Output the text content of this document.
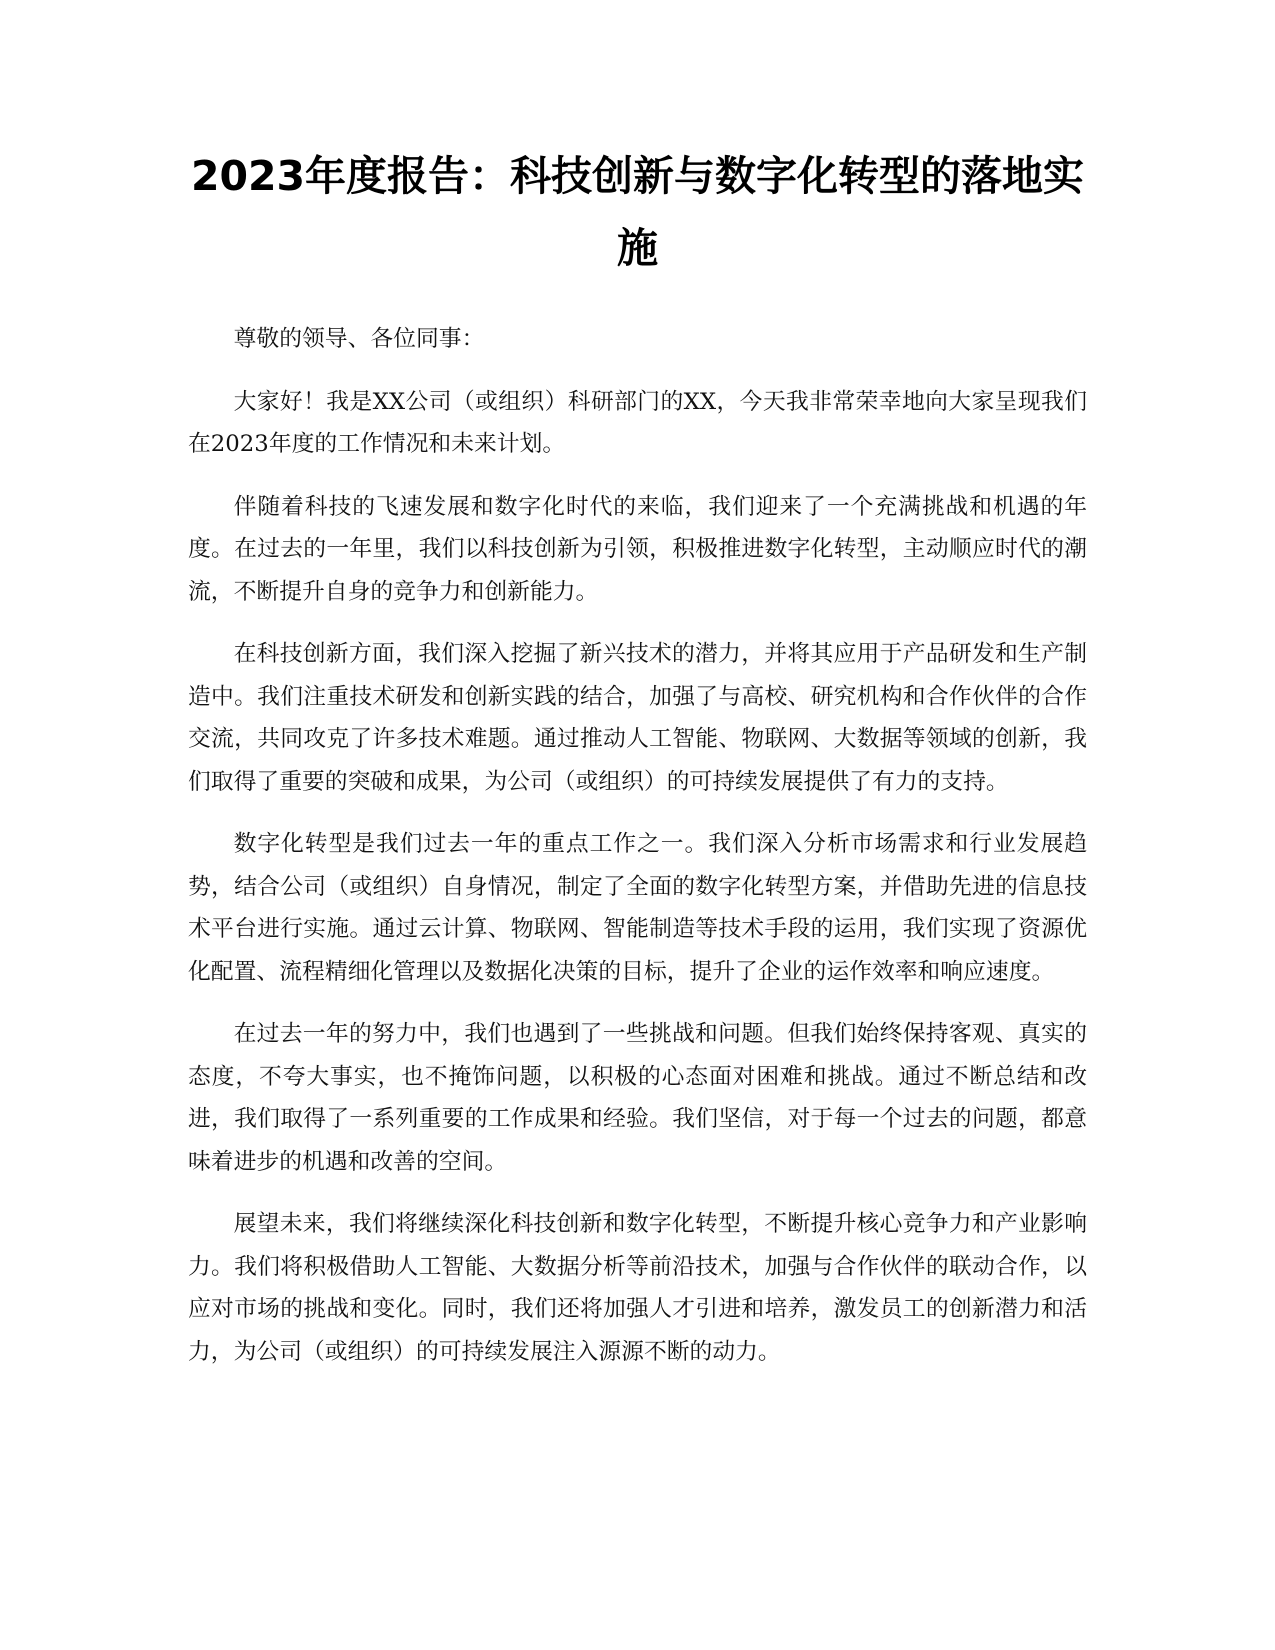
2023年度报告：科技创新与数字化转型的落地实施

尊敬的领导、各位同事：

大家好！我是XX公司（或组织）科研部门的XX，今天我非常荣幸地向大家呈现我们在2023年度的工作情况和未来计划。

伴随着科技的飞速发展和数字化时代的来临，我们迎来了一个充满挑战和机遇的年度。在过去的一年里，我们以科技创新为引领，积极推进数字化转型，主动顺应时代的潮流，不断提升自身的竞争力和创新能力。

在科技创新方面，我们深入挖掘了新兴技术的潜力，并将其应用于产品研发和生产制造中。我们注重技术研发和创新实践的结合，加强了与高校、研究机构和合作伙伴的合作交流，共同攻克了许多技术难题。通过推动人工智能、物联网、大数据等领域的创新，我们取得了重要的突破和成果，为公司（或组织）的可持续发展提供了有力的支持。

数字化转型是我们过去一年的重点工作之一。我们深入分析市场需求和行业发展趋势，结合公司（或组织）自身情况，制定了全面的数字化转型方案，并借助先进的信息技术平台进行实施。通过云计算、物联网、智能制造等技术手段的运用，我们实现了资源优化配置、流程精细化管理以及数据化决策的目标，提升了企业的运作效率和响应速度。

在过去一年的努力中，我们也遇到了一些挑战和问题。但我们始终保持客观、真实的态度，不夸大事实，也不掩饰问题，以积极的心态面对困难和挑战。通过不断总结和改进，我们取得了一系列重要的工作成果和经验。我们坚信，对于每一个过去的问题，都意味着进步的机遇和改善的空间。

展望未来，我们将继续深化科技创新和数字化转型，不断提升核心竞争力和产业影响力。我们将积极借助人工智能、大数据分析等前沿技术，加强与合作伙伴的联动合作，以应对市场的挑战和变化。同时，我们还将加强人才引进和培养，激发员工的创新潜力和活力，为公司（或组织）的可持续发展注入源源不断的动力。
